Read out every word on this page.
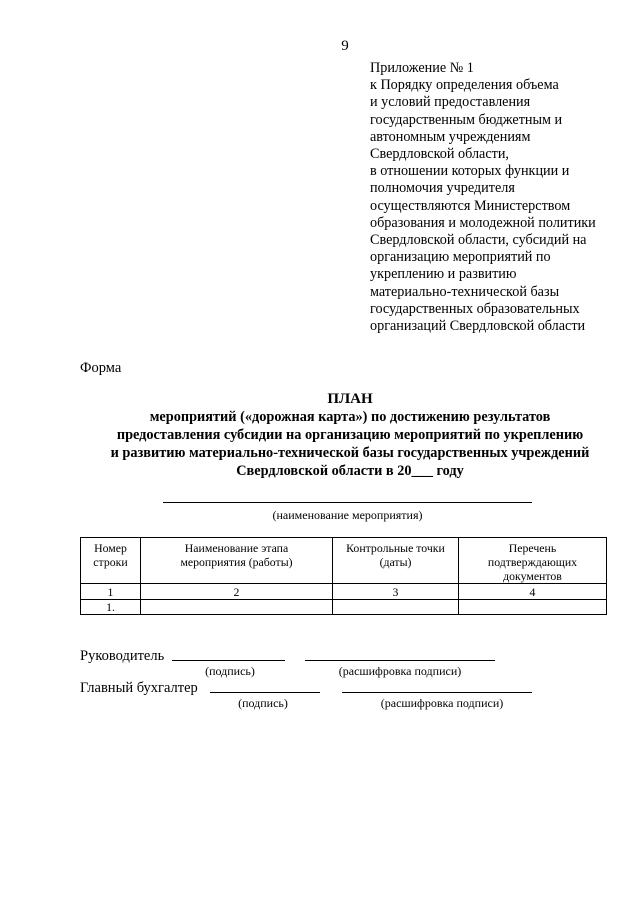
9
Приложение № 1
к Порядку определения объема
и условий предоставления
государственным бюджетным и
автономным учреждениям
Свердловской области,
в отношении которых функции и
полномочия учредителя
осуществляются Министерством
образования и молодежной политики
Свердловской области, субсидий на
организацию мероприятий по
укреплению и развитию
материально-технической базы
государственных образовательных
организаций Свердловской области
Форма
ПЛАН
мероприятий («дорожная карта») по достижению результатов
предоставления субсидии на организацию мероприятий по укреплению
и развитию материально-технической базы государственных учреждений
Свердловской области в 20___ году
(наименование мероприятия)
Номер строки	Наименование этапа мероприятия (работы)	Контрольные точки (даты)	Перечень подтверждающих документов
1	2	3	4
1.			
Руководитель
(подпись)	(расшифровка подписи)
Главный бухгалтер
(подпись)	(расшифровка подписи)
